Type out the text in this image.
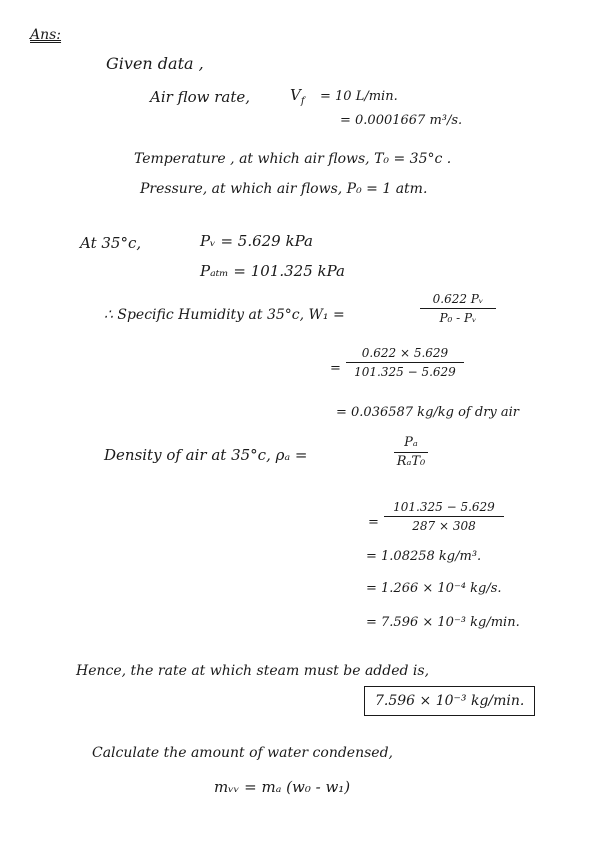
Ans:
Given data ,
Air flow rate,	$V_f = 10$ L/min.
= 0.0001667 m³/s.
Temperature , at which air flows, T₀ = 35°c .
Pressure, at which air flows, P₀ = 1 atm.
At 35°c,	Pᵥ = 5.629 kPa
Pₐₜₘ = 101.325 kPa
∴ Specific Humidity at 35°c, W₁ =
0.622 Pᵥ
P₀ - Pᵥ
=
0.622 × 5.629
101.325 − 5.629
= 0.036587 kg/kg of dry air
Density of air at 35°c, ρₐ =
Pₐ
RₐT₀
=
101.325 − 5.629
287 × 308
= 1.08258 kg/m³.
= 1.266 × 10⁻⁴ kg/s.
= 7.596 × 10⁻³ kg/min.
Hence, the rate at which steam must be added is,
7.596 × 10⁻³ kg/min.
Calculate the amount of water condensed,
mᵥᵥ = mₐ (w₀ - w₁)
